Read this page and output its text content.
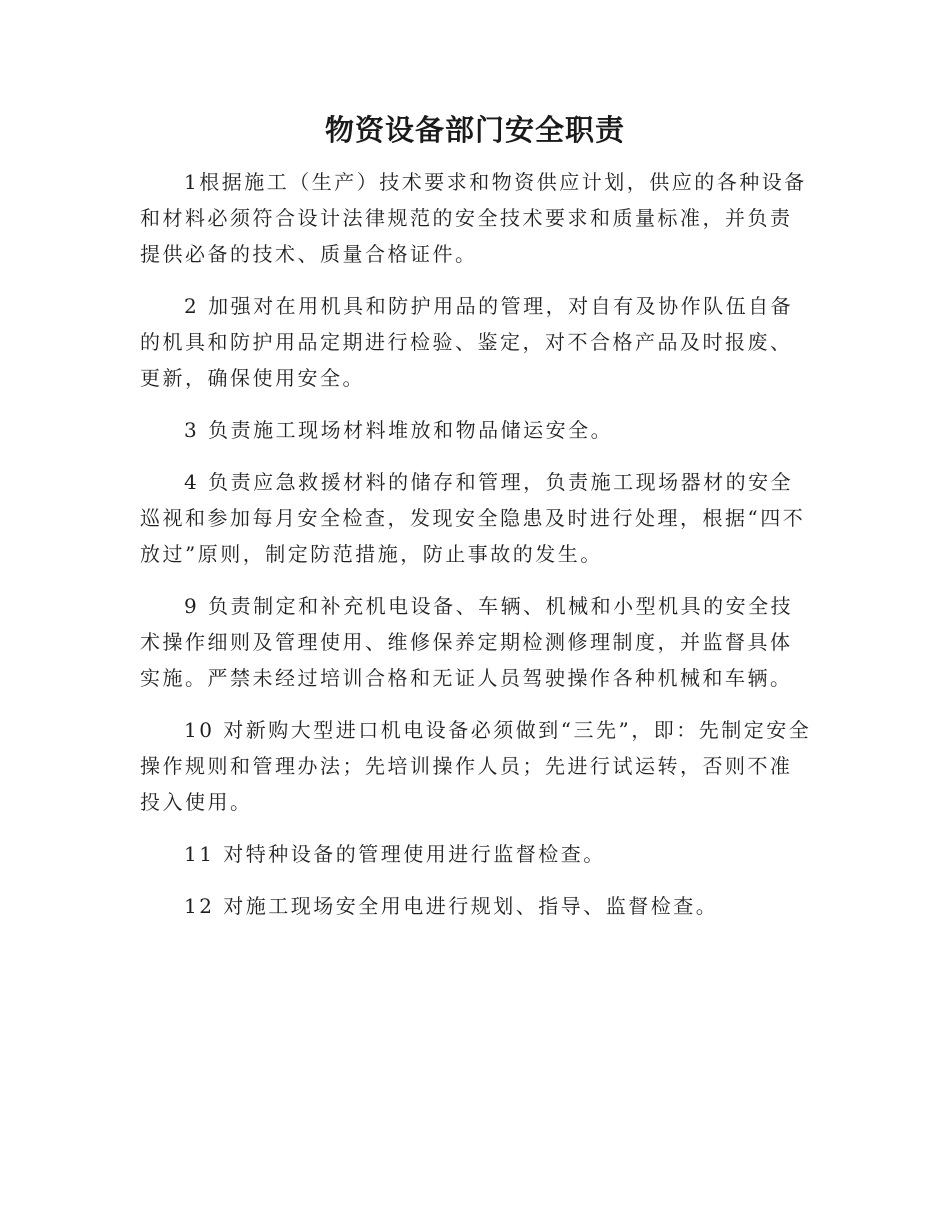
物资设备部门安全职责

1根据施工（生产）技术要求和物资供应计划，供应的各种设备和材料必须符合设计法律规范的安全技术要求和质量标准，并负责提供必备的技术、质量合格证件。

2 加强对在用机具和防护用品的管理，对自有及协作队伍自备的机具和防护用品定期进行检验、鉴定，对不合格产品及时报废、更新，确保使用安全。

3 负责施工现场材料堆放和物品储运安全。

4 负责应急救援材料的储存和管理，负责施工现场器材的安全巡视和参加每月安全检查，发现安全隐患及时进行处理，根据“四不放过”原则，制定防范措施，防止事故的发生。

9 负责制定和补充机电设备、车辆、机械和小型机具的安全技术操作细则及管理使用、维修保养定期检测修理制度，并监督具体实施。严禁未经过培训合格和无证人员驾驶操作各种机械和车辆。

10 对新购大型进口机电设备必须做到“三先”，即：先制定安全操作规则和管理办法；先培训操作人员；先进行试运转，否则不准投入使用。

11 对特种设备的管理使用进行监督检查。

12 对施工现场安全用电进行规划、指导、监督检查。
